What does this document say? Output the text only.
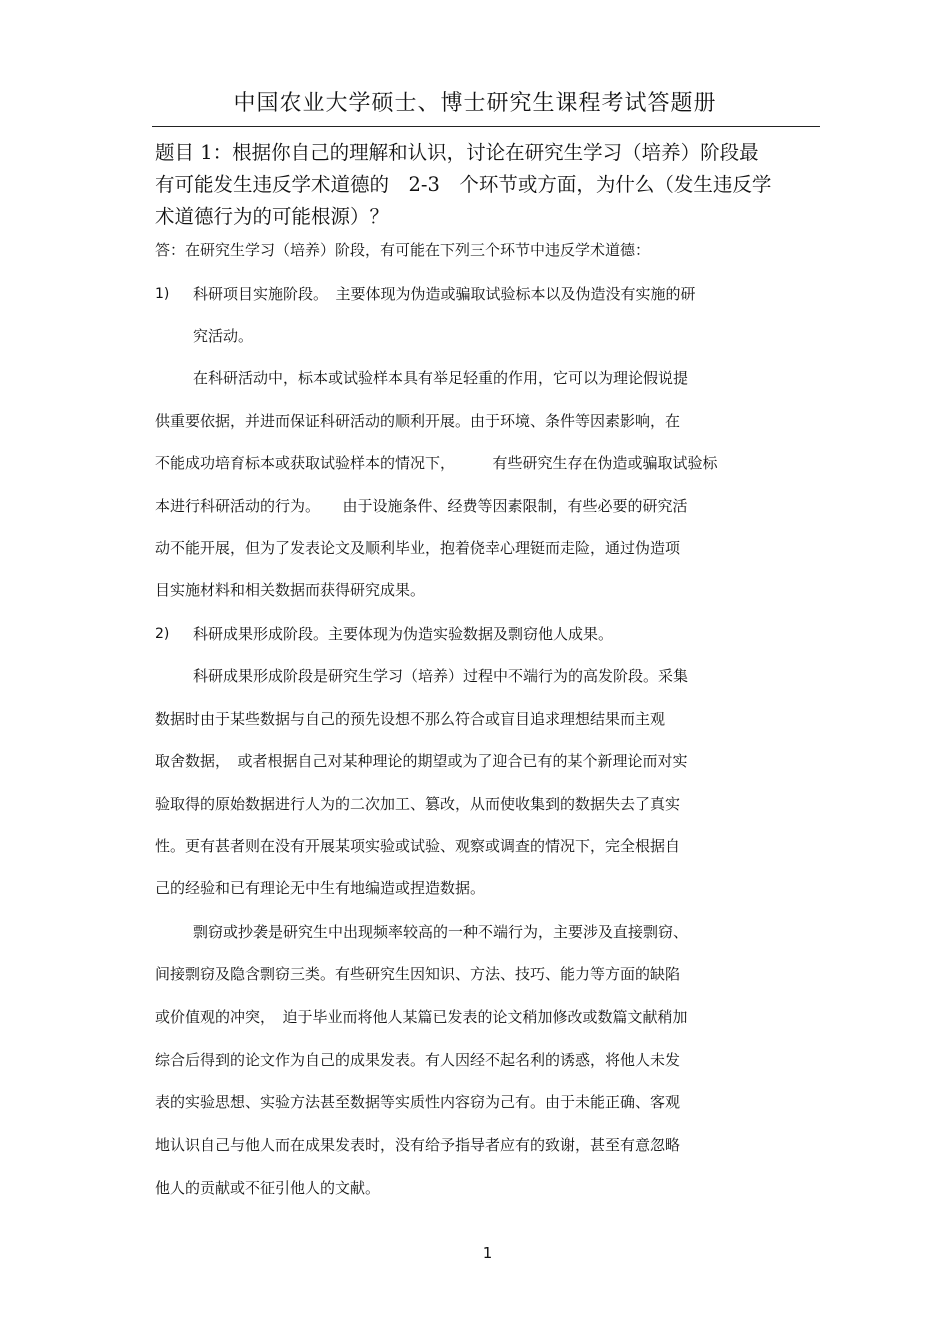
中国农业大学硕士、博士研究生课程考试答题册
题目 1：根据你自己的理解和认识，讨论在研究生学习（培养）阶段最
有可能发生违反学术道德的　2-3　个环节或方面，为什么（发生违反学
术道德行为的可能根源）？
答：在研究生学习（培养）阶段，有可能在下列三个环节中违反学术道德：
1) 科研项目实施阶段。　主要体现为伪造或骗取试验标本以及伪造没有实施的研
究活动。
在科研活动中，标本或试验样本具有举足轻重的作用，它可以为理论假说提
供重要依据，并进而保证科研活动的顺利开展。由于环境、条件等因素影响，在
不能成功培育标本或获取试验样本的情况下，　　　有些研究生存在伪造或骗取试验标
本进行科研活动的行为。　　由于设施条件、经费等因素限制，有些必要的研究活
动不能开展，但为了发表论文及顺利毕业，抱着侥幸心理铤而走险，通过伪造项
目实施材料和相关数据而获得研究成果。
2) 科研成果形成阶段。主要体现为伪造实验数据及剽窃他人成果。
科研成果形成阶段是研究生学习（培养）过程中不端行为的高发阶段。采集
数据时由于某些数据与自己的预先设想不那么符合或盲目追求理想结果而主观
取舍数据，　或者根据自己对某种理论的期望或为了迎合已有的某个新理论而对实
验取得的原始数据进行人为的二次加工、篡改，从而使收集到的数据失去了真实
性。更有甚者则在没有开展某项实验或试验、观察或调查的情况下，完全根据自
己的经验和已有理论无中生有地编造或捏造数据。
剽窃或抄袭是研究生中出现频率较高的一种不端行为，主要涉及直接剽窃、
间接剽窃及隐含剽窃三类。有些研究生因知识、方法、技巧、能力等方面的缺陷
或价值观的冲突，　迫于毕业而将他人某篇已发表的论文稍加修改或数篇文献稍加
综合后得到的论文作为自己的成果发表。有人因经不起名利的诱惑，将他人未发
表的实验思想、实验方法甚至数据等实质性内容窃为己有。由于未能正确、客观
地认识自己与他人而在成果发表时，没有给予指导者应有的致谢，甚至有意忽略
他人的贡献或不征引他人的文献。
1
